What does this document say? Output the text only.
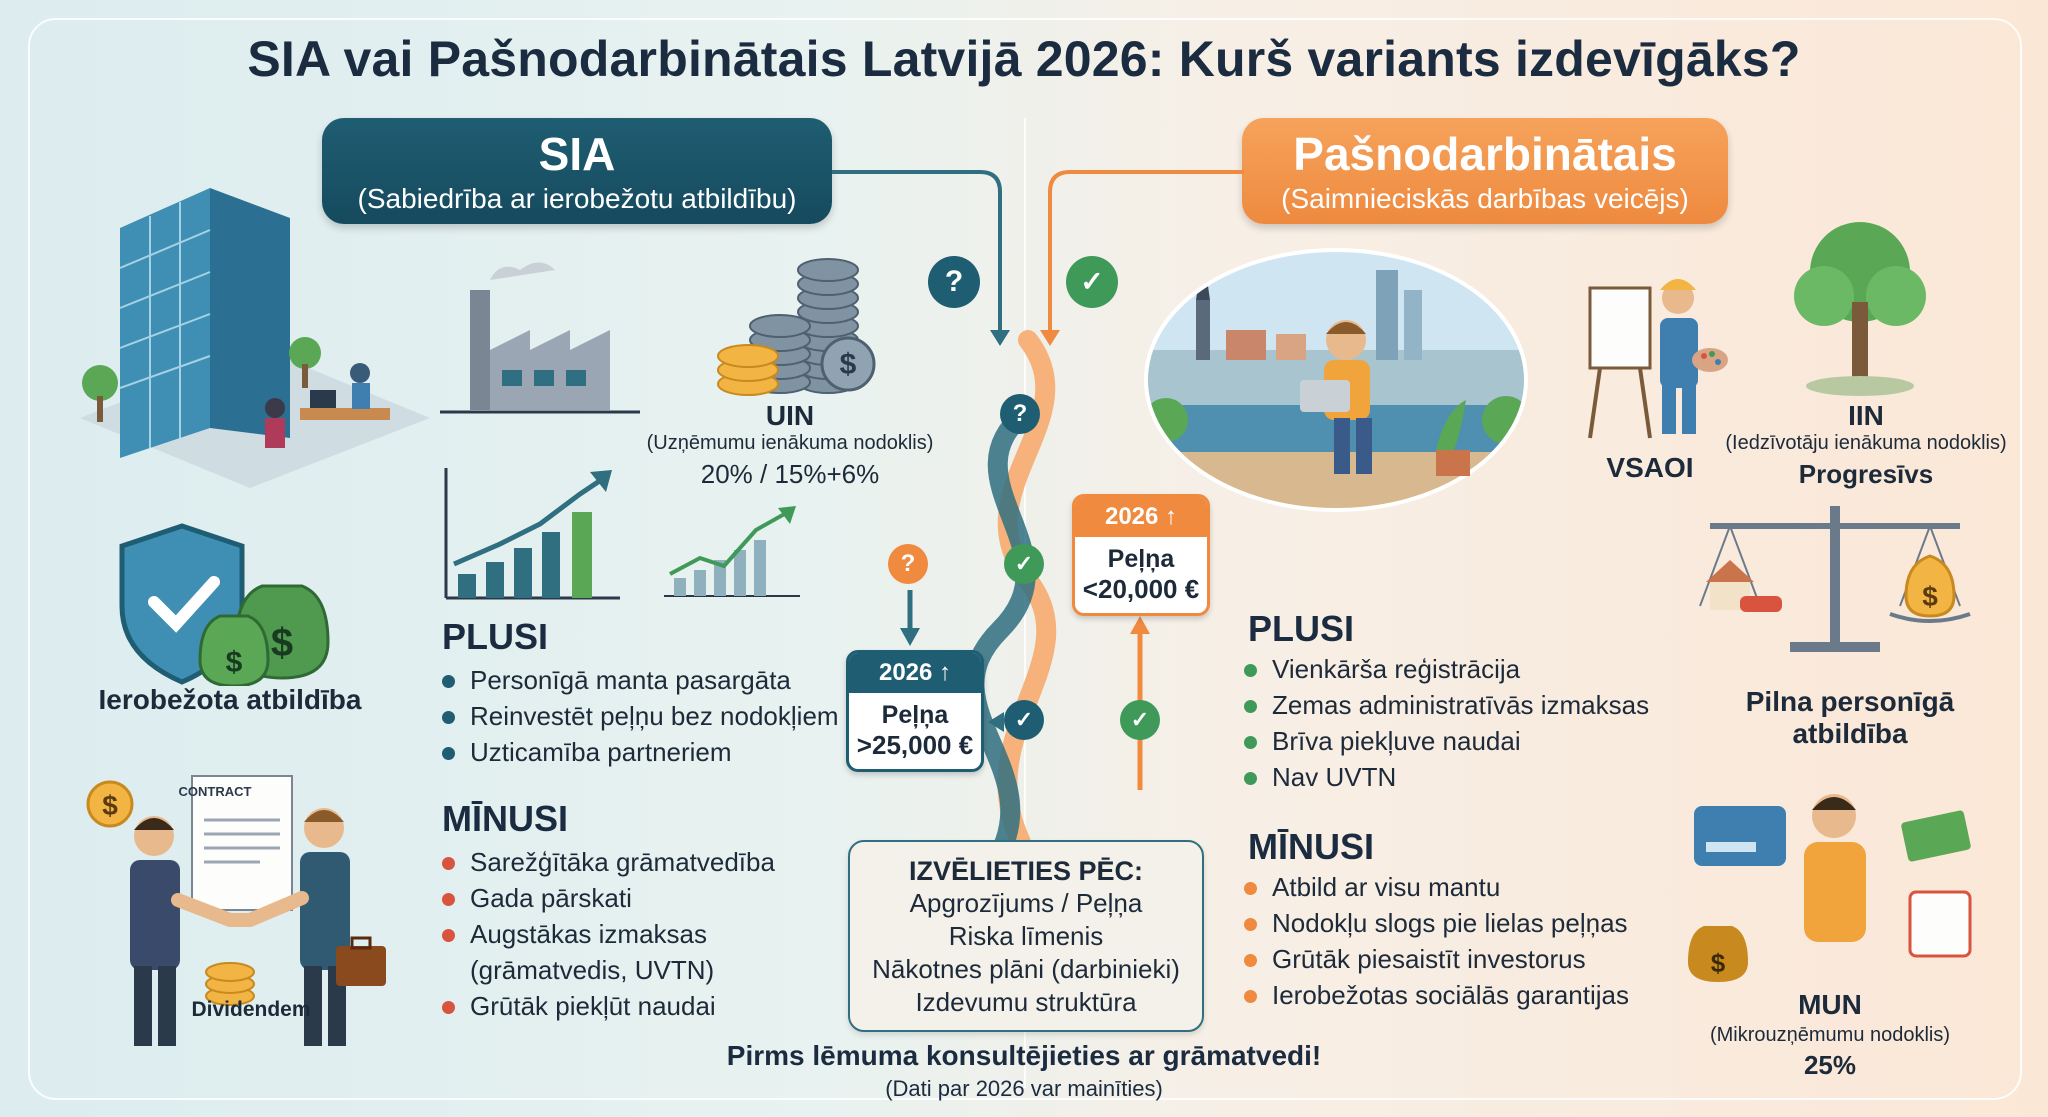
SIA vai Pašnodarbinātais Latvijā 2026: Kurš variants izdevīgāks?
SIA
(Sabiedrība ar ierobežotu atbildību)
Pašnodarbinātais
(Saimnieciskās darbības veicējs)
?	✓
?
?	✓
✓	✓
$
UIN
(Uzņēmumu ienākuma nodoklis)
20% / 15%+6%
$
$
Ierobežota atbildība
$	CONTRACT
Dividendem
PLUSI
Personīgā manta pasargāta
Reinvestēt peļņu bez nodokļiem
Uzticamība partneriem
MĪNUSI
Sarežģītāka grāmatvedība
Gada pārskati
Augstākas izmaksas
(grāmatvedis, UVTN)
Grūtāk piekļūt naudai
2026 ↑
Peļņa
>25,000 €
2026 ↑
Peļņa
<20,000 €
IZVĒLIETIES PĒC:
Apgrozījums / Peļņa
Riska līmenis
Nākotnes plāni (darbinieki)
Izdevumu struktūra
VSAOI
IIN
(Iedzīvotāju ienākuma nodoklis)
Progresīvs
$
Pilna personīgā
atbildība
$
MUN
(Mikrouzņēmumu nodoklis)
25%
PLUSI
Vienkārša reģistrācija
Zemas administratīvās izmaksas
Brīva piekļuve naudai
Nav UVTN
MĪNUSI
Atbild ar visu mantu
Nodokļu slogs pie lielas peļņas
Grūtāk piesaistīt investorus
Ierobežotas sociālās garantijas
Pirms lēmuma konsultējieties ar grāmatvedi!
(Dati par 2026 var mainīties)
